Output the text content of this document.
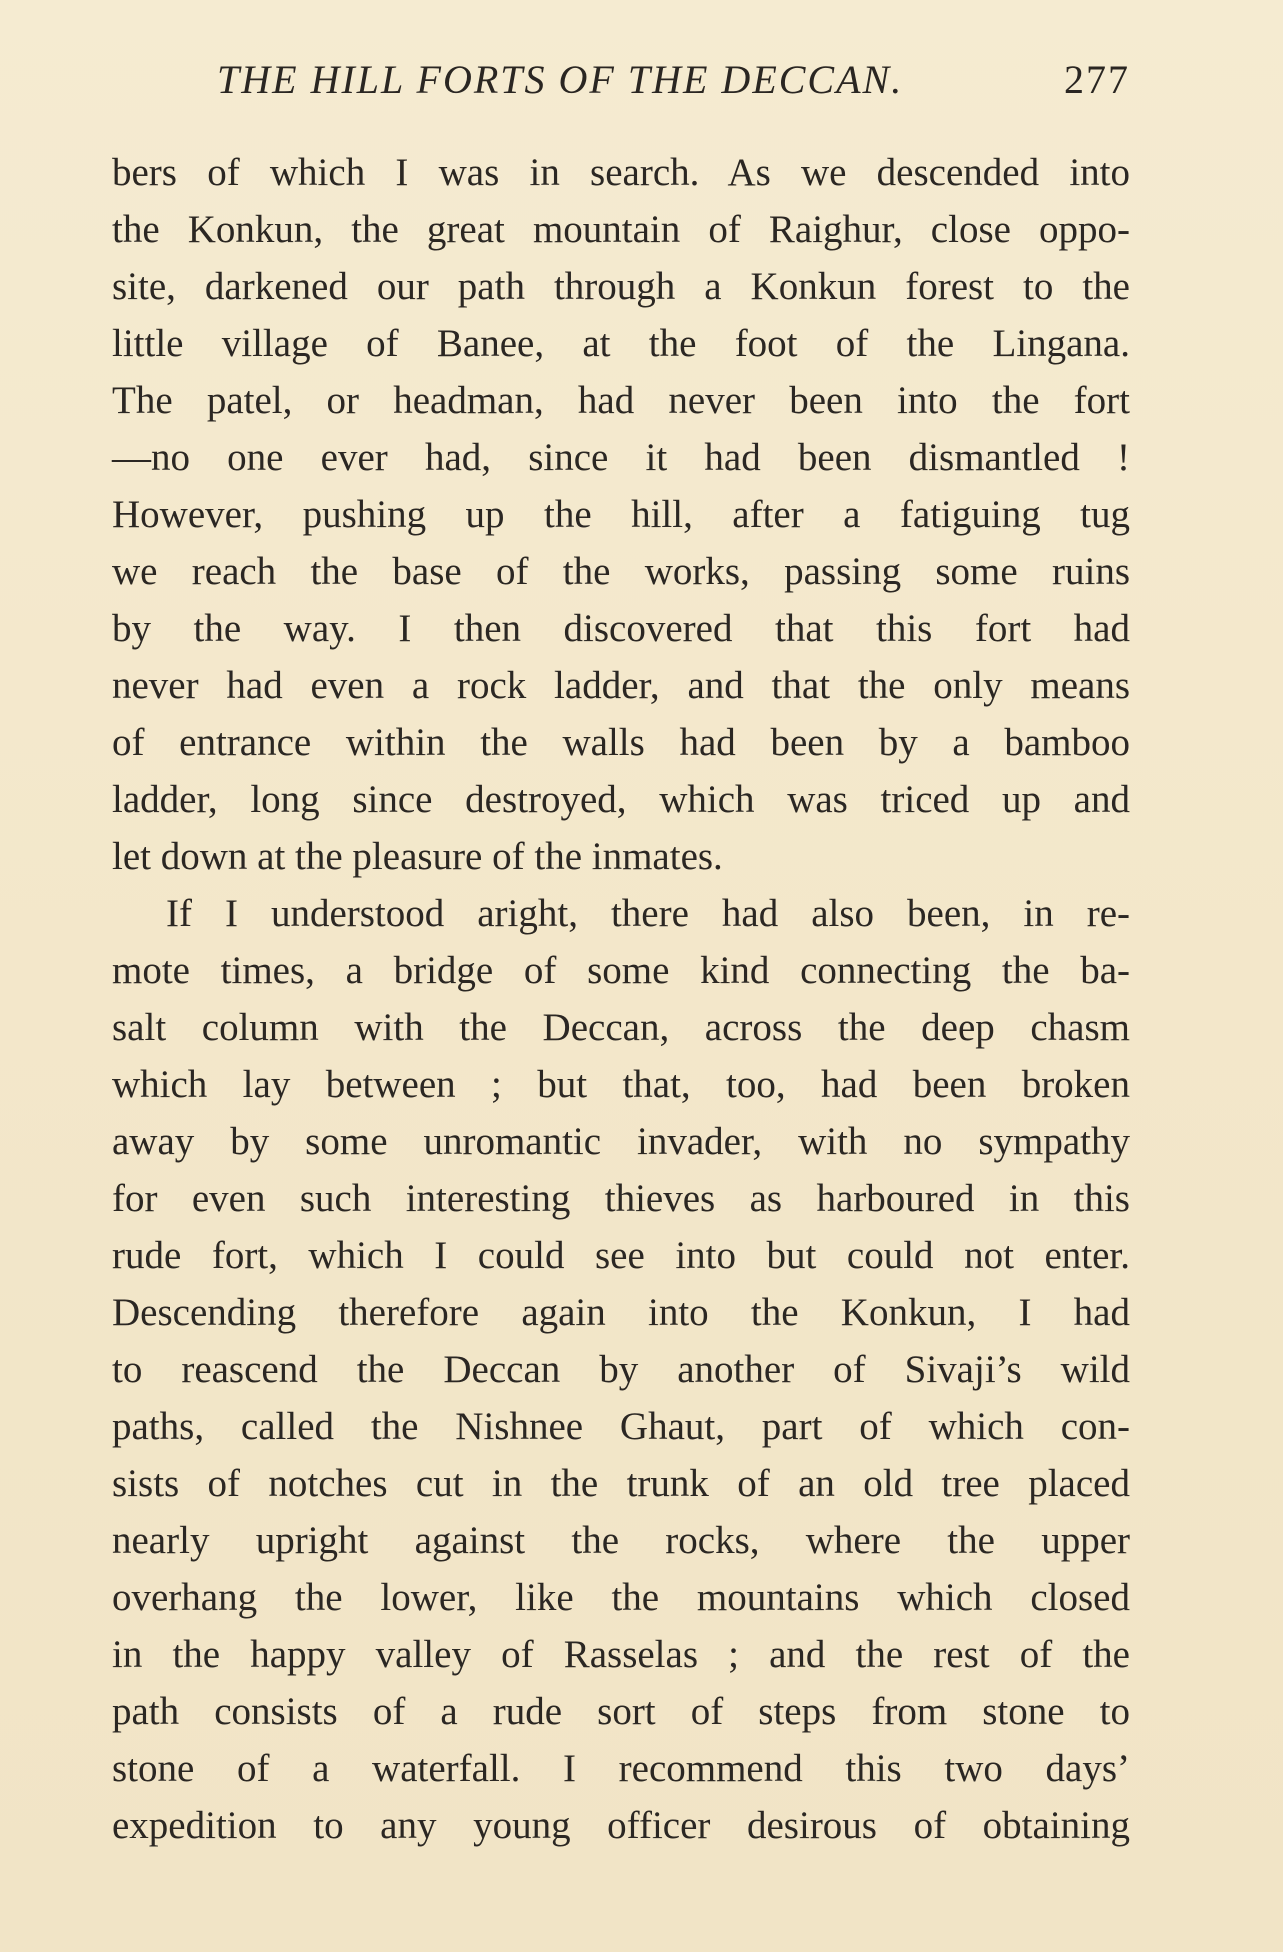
THE HILL FORTS OF THE DECCAN.	277
bers of which I was in search. As we descended into
the Konkun, the great mountain of Raighur, close oppo-
site, darkened our path through a Konkun forest to the
little village of Banee, at the foot of the Lingana.
The patel, or headman, had never been into the fort
—no one ever had, since it had been dismantled !
However, pushing up the hill, after a fatiguing tug
we reach the base of the works, passing some ruins
by the way. I then discovered that this fort had
never had even a rock ladder, and that the only means
of entrance within the walls had been by a bamboo
ladder, long since destroyed, which was triced up and
let down at the pleasure of the inmates.
If I understood aright, there had also been, in re-
mote times, a bridge of some kind connecting the ba-
salt column with the Deccan, across the deep chasm
which lay between ; but that, too, had been broken
away by some unromantic invader, with no sympathy
for even such interesting thieves as harboured in this
rude fort, which I could see into but could not enter.
Descending therefore again into the Konkun, I had
to reascend the Deccan by another of Sivaji’s wild
paths, called the Nishnee Ghaut, part of which con-
sists of notches cut in the trunk of an old tree placed
nearly upright against the rocks, where the upper
overhang the lower, like the mountains which closed
in the happy valley of Rasselas ; and the rest of the
path consists of a rude sort of steps from stone to
stone of a waterfall. I recommend this two days’
expedition to any young officer desirous of obtaining
